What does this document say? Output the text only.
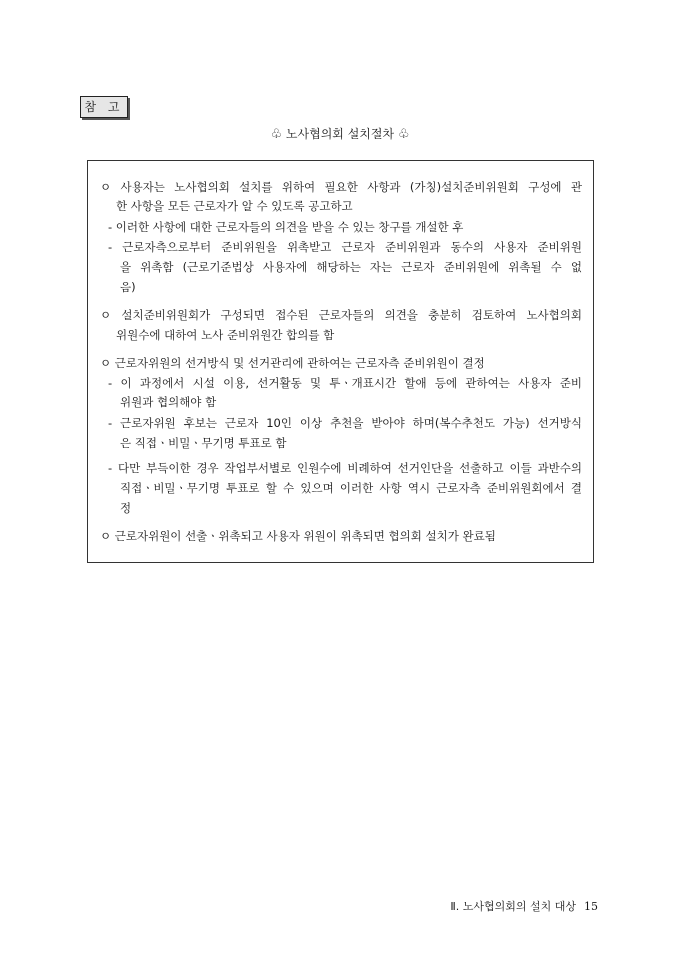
참 고
♧ 노사협의회 설치절차 ♧
ㅇ 사용자는 노사협의회 설치를 위하여 필요한 사항과 (가칭)설치준비위원회 구성에 관
한 사항을 모든 근로자가 알 수 있도록 공고하고
- 이러한 사항에 대한 근로자들의 의견을 받을 수 있는 창구를 개설한 후
- 근로자측으로부터 준비위원을 위촉받고 근로자 준비위원과 동수의 사용자 준비위원
을 위촉함 (근로기준법상 사용자에 해당하는 자는 근로자 준비위원에 위촉될 수 없
음)
ㅇ 설치준비위원회가 구성되면 접수된 근로자들의 의견을 충분히 검토하여 노사협의회
위원수에 대하여 노사 준비위원간 합의를 함
ㅇ 근로자위원의 선거방식 및 선거관리에 관하여는 근로자측 준비위원이 결정
- 이 과정에서 시설 이용, 선거활동 및 투ㆍ개표시간 할애 등에 관하여는 사용자 준비
위원과 협의해야 함
- 근로자위원 후보는 근로자 10인 이상 추천을 받아야 하며(복수추천도 가능) 선거방식
은 직접ㆍ비밀ㆍ무기명 투표로 함
- 다만 부득이한 경우 작업부서별로 인원수에 비례하여 선거인단을 선출하고 이들 과반수의
직접ㆍ비밀ㆍ무기명 투표로 할 수 있으며 이러한 사항 역시 근로자측 준비위원회에서 결
정
ㅇ 근로자위원이 선출ㆍ위촉되고 사용자 위원이 위촉되면 협의회 설치가 완료됨
Ⅱ. 노사협의회의 설치 대상 15
